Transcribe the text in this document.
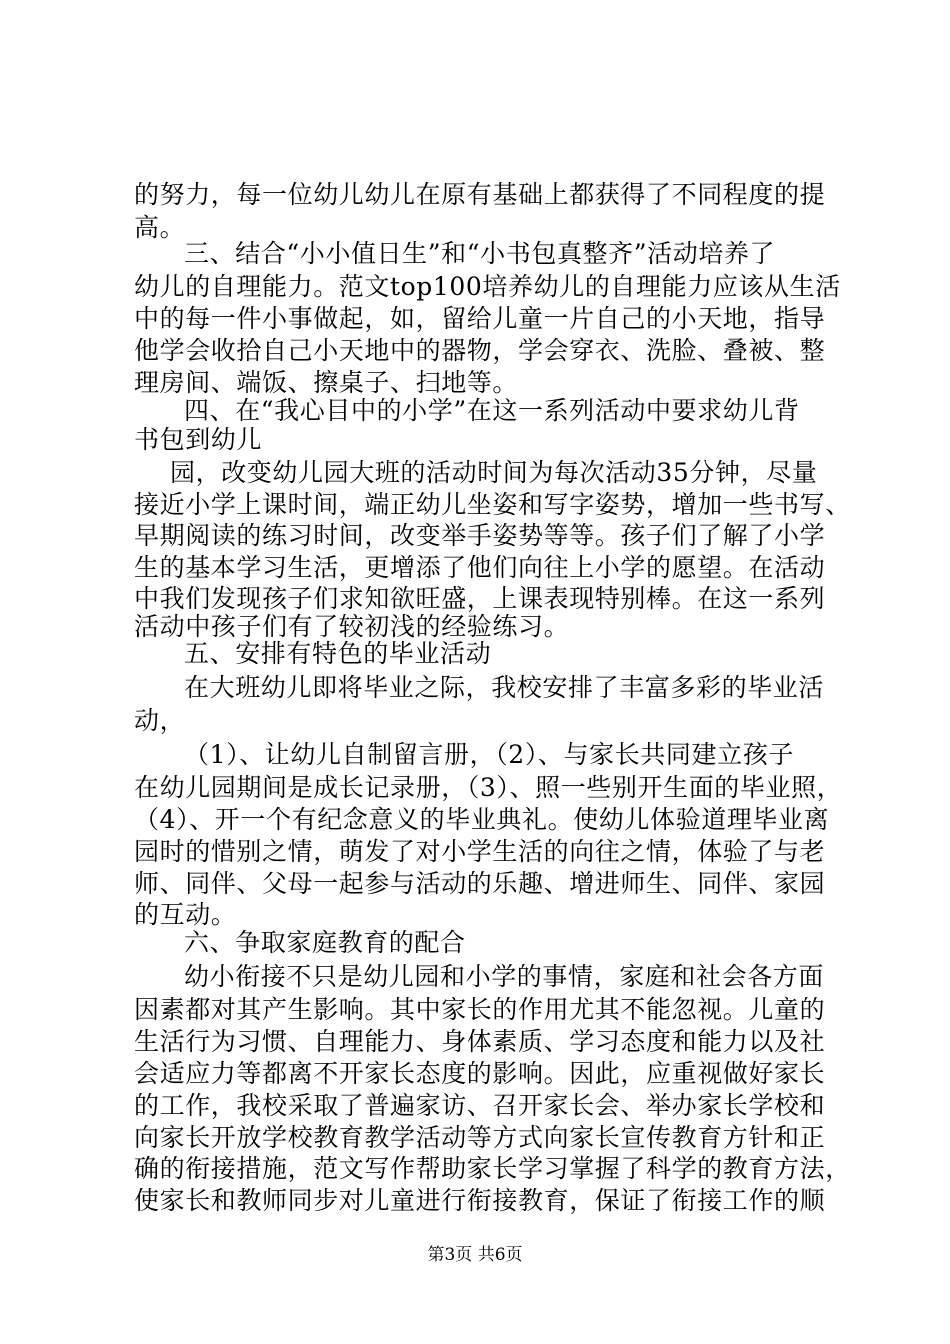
的努力，每一位幼儿幼儿在原有基础上都获得了不同程度的提
高。
三、结合“小小值日生”和“小书包真整齐”活动培养了
幼儿的自理能力。范文top100培养幼儿的自理能力应该从生活
中的每一件小事做起，如，留给儿童一片自己的小天地，指导
他学会收拾自己小天地中的器物，学会穿衣、洗脸、叠被、整
理房间、端饭、擦桌子、扫地等。
四、在“我心目中的小学”在这一系列活动中要求幼儿背
书包到幼儿
园，改变幼儿园大班的活动时间为每次活动35分钟，尽量
接近小学上课时间，端正幼儿坐姿和写字姿势，增加一些书写、
早期阅读的练习时间，改变举手姿势等等。孩子们了解了小学
生的基本学习生活，更增添了他们向往上小学的愿望。在活动
中我们发现孩子们求知欲旺盛，上课表现特别棒。在这一系列
活动中孩子们有了较初浅的经验练习。
五、安排有特色的毕业活动
在大班幼儿即将毕业之际，我校安排了丰富多彩的毕业活
动，
（1）、让幼儿自制留言册，（2）、与家长共同建立孩子
在幼儿园期间是成长记录册，（3）、照一些别开生面的毕业照，
（4）、开一个有纪念意义的毕业典礼。使幼儿体验道理毕业离
园时的惜别之情，萌发了对小学生活的向往之情，体验了与老
师、同伴、父母一起参与活动的乐趣、增进师生、同伴、家园
的互动。
六、争取家庭教育的配合
幼小衔接不只是幼儿园和小学的事情，家庭和社会各方面
因素都对其产生影响。其中家长的作用尤其不能忽视。儿童的
生活行为习惯、自理能力、身体素质、学习态度和能力以及社
会适应力等都离不开家长态度的影响。因此，应重视做好家长
的工作，我校采取了普遍家访、召开家长会、举办家长学校和
向家长开放学校教育教学活动等方式向家长宣传教育方针和正
确的衔接措施，范文写作帮助家长学习掌握了科学的教育方法，
使家长和教师同步对儿童进行衔接教育，保证了衔接工作的顺
第3页 共6页
